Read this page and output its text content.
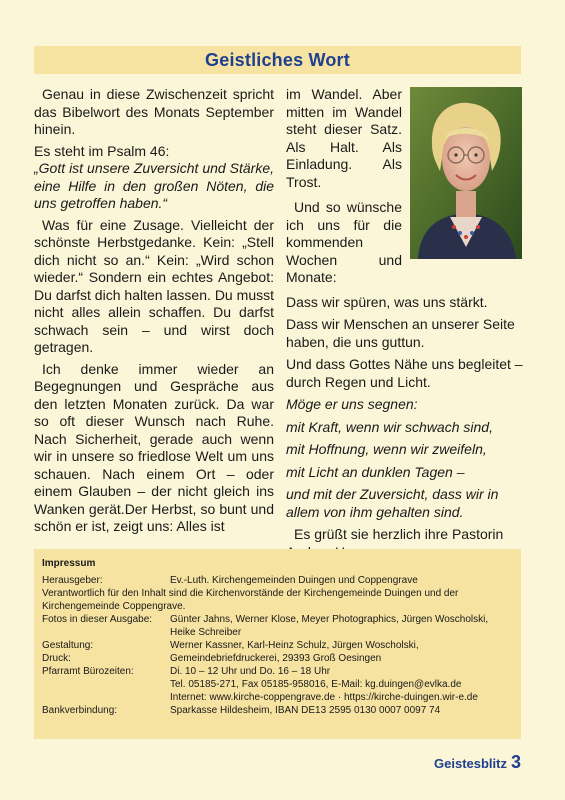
Geistliches Wort

Genau in diese Zwischenzeit spricht das Bibelwort des Monats September hinein.

Es steht im Psalm 46:

„Gott ist unsere Zuversicht und Stärke, eine Hilfe in den großen Nöten, die uns getroffen haben.“

Was für eine Zusage. Vielleicht der schönste Herbstgedanke. Kein: „Stell dich nicht so an.“ Kein: „Wird schon wieder.“ Sondern ein echtes Angebot: Du darfst dich halten lassen. Du musst nicht alles allein schaffen. Du darfst schwach sein – und wirst doch getragen.

Ich denke immer wieder an Begegnungen und Gespräche aus den letzten Monaten zurück. Da war so oft dieser Wunsch nach Ruhe. Nach Sicherheit, gerade auch wenn wir in unsere so friedlose Welt um uns schauen. Nach einem Ort – oder einem Glauben – der nicht gleich ins Wanken gerät.Der Herbst, so bunt und schön er ist, zeigt uns: Alles ist

im Wandel. Aber mitten im Wandel steht dieser Satz. Als Halt. Als Einladung. Als Trost.

Und so wünsche ich uns für die kommenden Wochen und Monate:

Dass wir spüren, was uns stärkt.

Dass wir Menschen an unserer Seite haben, die uns guttun.

Und dass Gottes Nähe uns begleitet – durch Regen und Licht.

Möge er uns segnen:

mit Kraft, wenn wir schwach sind,

mit Hoffnung, wenn wir zweifeln,

mit Licht an dunklen Tagen –

und mit der Zuversicht, dass wir in allem von ihm gehalten sind.

Es grüßt sie herzlich ihre Pastorin

Impressum
Herausgeber:	Ev.-Luth. Kirchengemeinden Duingen und Coppengrave
Verantwortlich für den Inhalt sind die Kirchenvorstände der Kirchengemeinde Duingen und der Kirchengemeinde Coppengrave.
Fotos in dieser Ausgabe:	Günter Jahns, Werner Klose, Meyer Photographics, Jürgen Woscholski, Heike Schreiber
Gestaltung:	Werner Kassner, Karl-Heinz Schulz, Jürgen Woscholski,
Druck:	Gemeindebriefdruckerei, 29393 Groß Oesingen
Pfarramt Bürozeiten:	Di. 10 – 12 Uhr und Do. 16 – 18 Uhr
Tel. 05185-271, Fax 05185-958016, E-Mail: kg.duingen@evlka.de
Internet: www.kirche-coppengrave.de · https://kirche-duingen.wir-e.de
Bankverbindung:	Sparkasse Hildesheim, IBAN DE13 2595 0130 0007 0097 74
Geistesblitz 3
